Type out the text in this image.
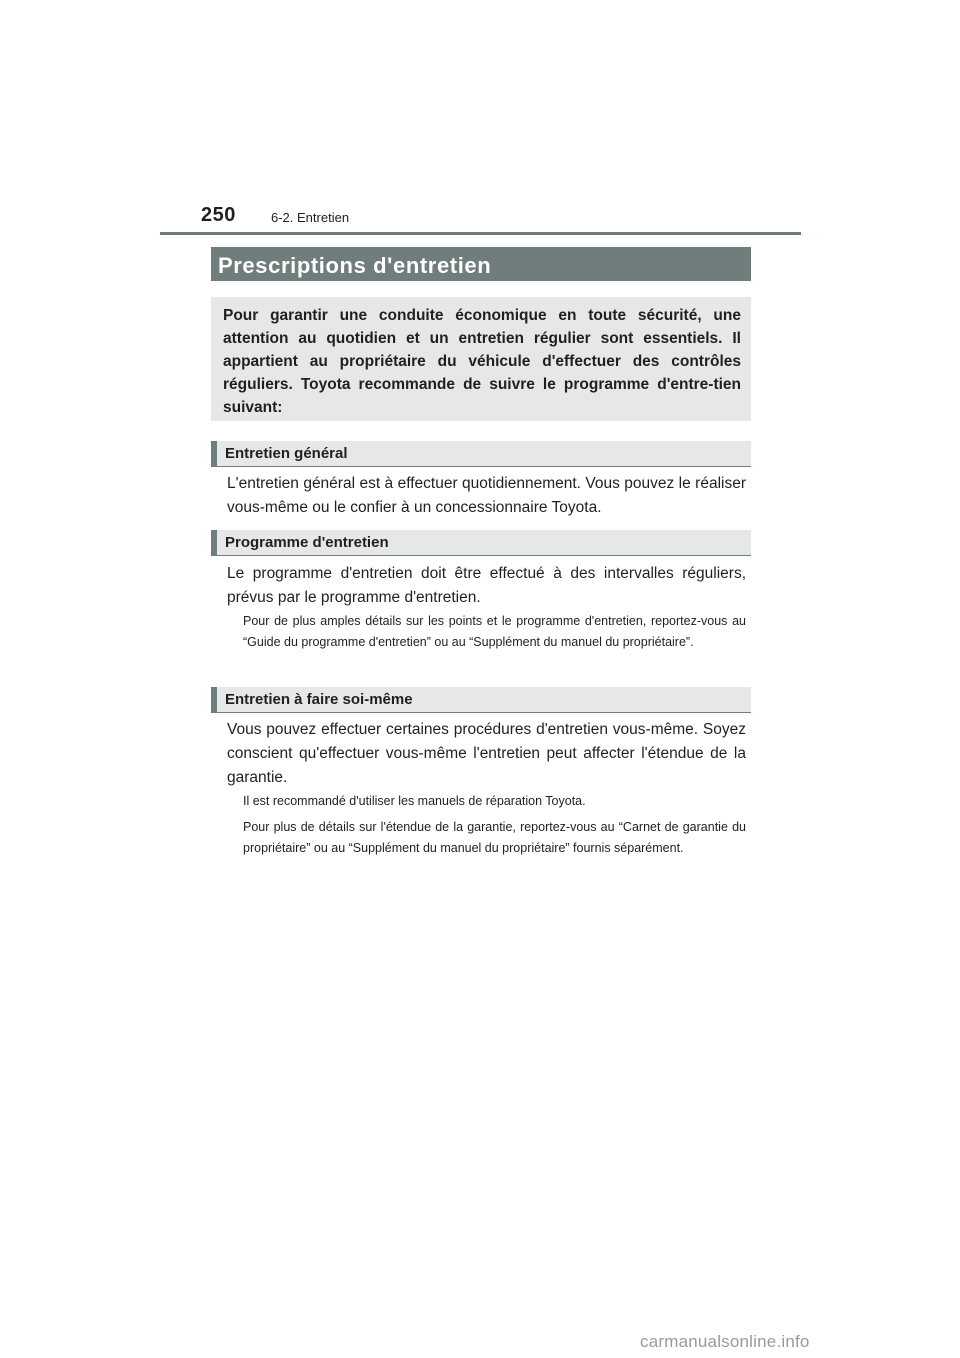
250	6-2. Entretien
Prescriptions d'entretien
Pour garantir une conduite économique en toute sécurité, une attention au quotidien et un entretien régulier sont essentiels. Il appartient au propriétaire du véhicule d'effectuer des contrôles réguliers. Toyota recommande de suivre le programme d'entre-tien suivant:
Entretien général
L'entretien général est à effectuer quotidiennement. Vous pouvez le réaliser vous-même ou le confier à un concessionnaire Toyota.
Programme d'entretien
Le programme d'entretien doit être effectué à des intervalles réguliers, prévus par le programme d'entretien.
Pour de plus amples détails sur les points et le programme d'entretien, reportez-vous au “Guide du programme d'entretien” ou au “Supplément du manuel du propriétaire”.
Entretien à faire soi-même
Vous pouvez effectuer certaines procédures d'entretien vous-même. Soyez conscient qu'effectuer vous-même l'entretien peut affecter l'étendue de la garantie.
Il est recommandé d'utiliser les manuels de réparation Toyota.
Pour plus de détails sur l'étendue de la garantie, reportez-vous au “Carnet de garantie du propriétaire” ou au “Supplément du manuel du propriétaire” fournis séparément.
carmanualsonline.info
